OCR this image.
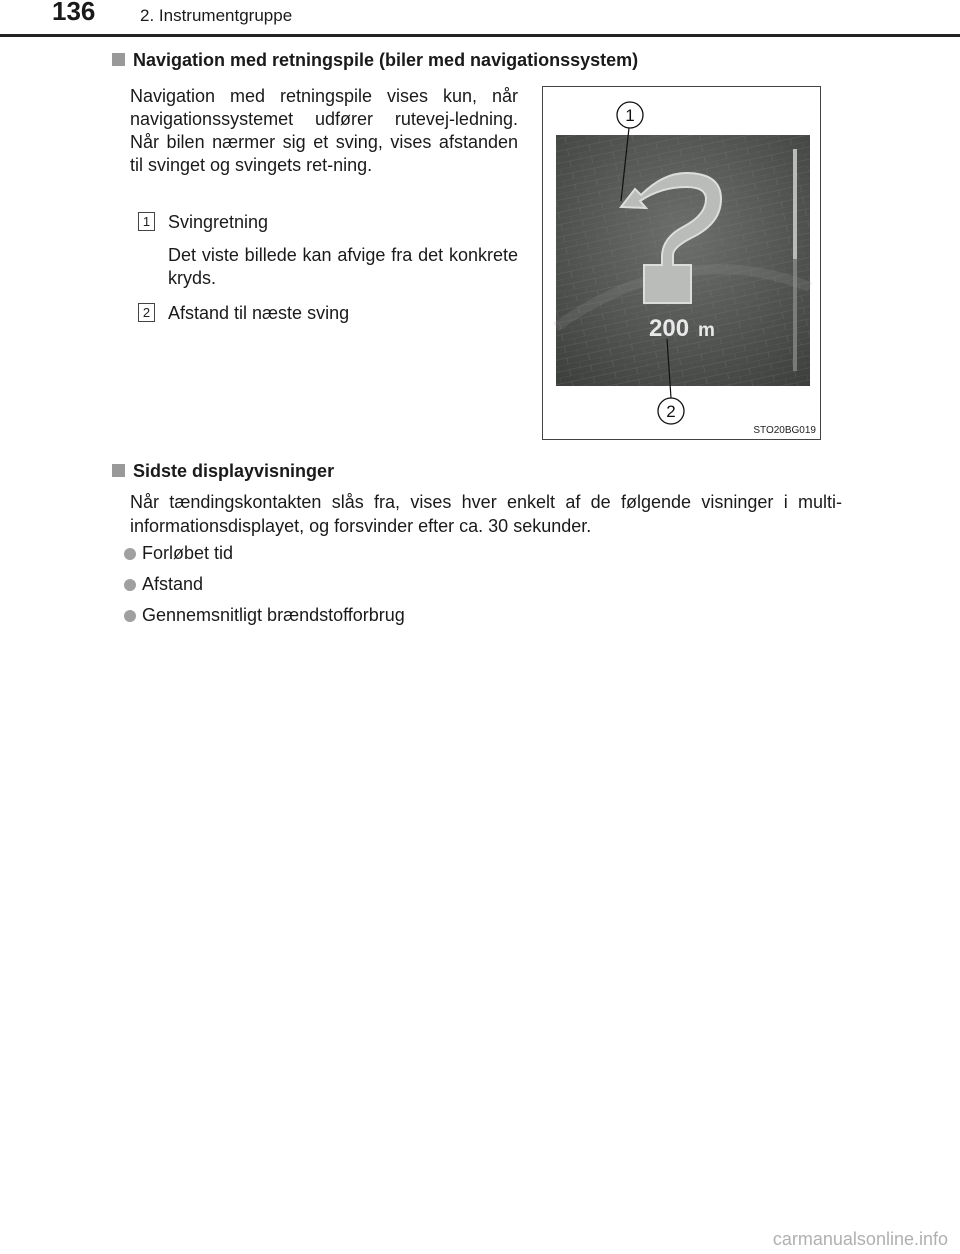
136	2. Instrumentgruppe
Navigation med retningspile (biler med navigationssystem)
Navigation med retningspile vises kun, når navigationssystemet udfører rutevej-ledning. Når bilen nærmer sig et sving, vises afstanden til svinget og svingets ret-ning.
1 Svingretning
Det viste billede kan afvige fra det konkrete kryds.
2 Afstand til næste sving
1
200 m
2
STO20BG019
Sidste displayvisninger
Når tændingskontakten slås fra, vises hver enkelt af de følgende visninger i multi-informationsdisplayet, og forsvinder efter ca. 30 sekunder.
Forløbet tid
Afstand
Gennemsnitligt brændstofforbrug
carmanualsonline.info
